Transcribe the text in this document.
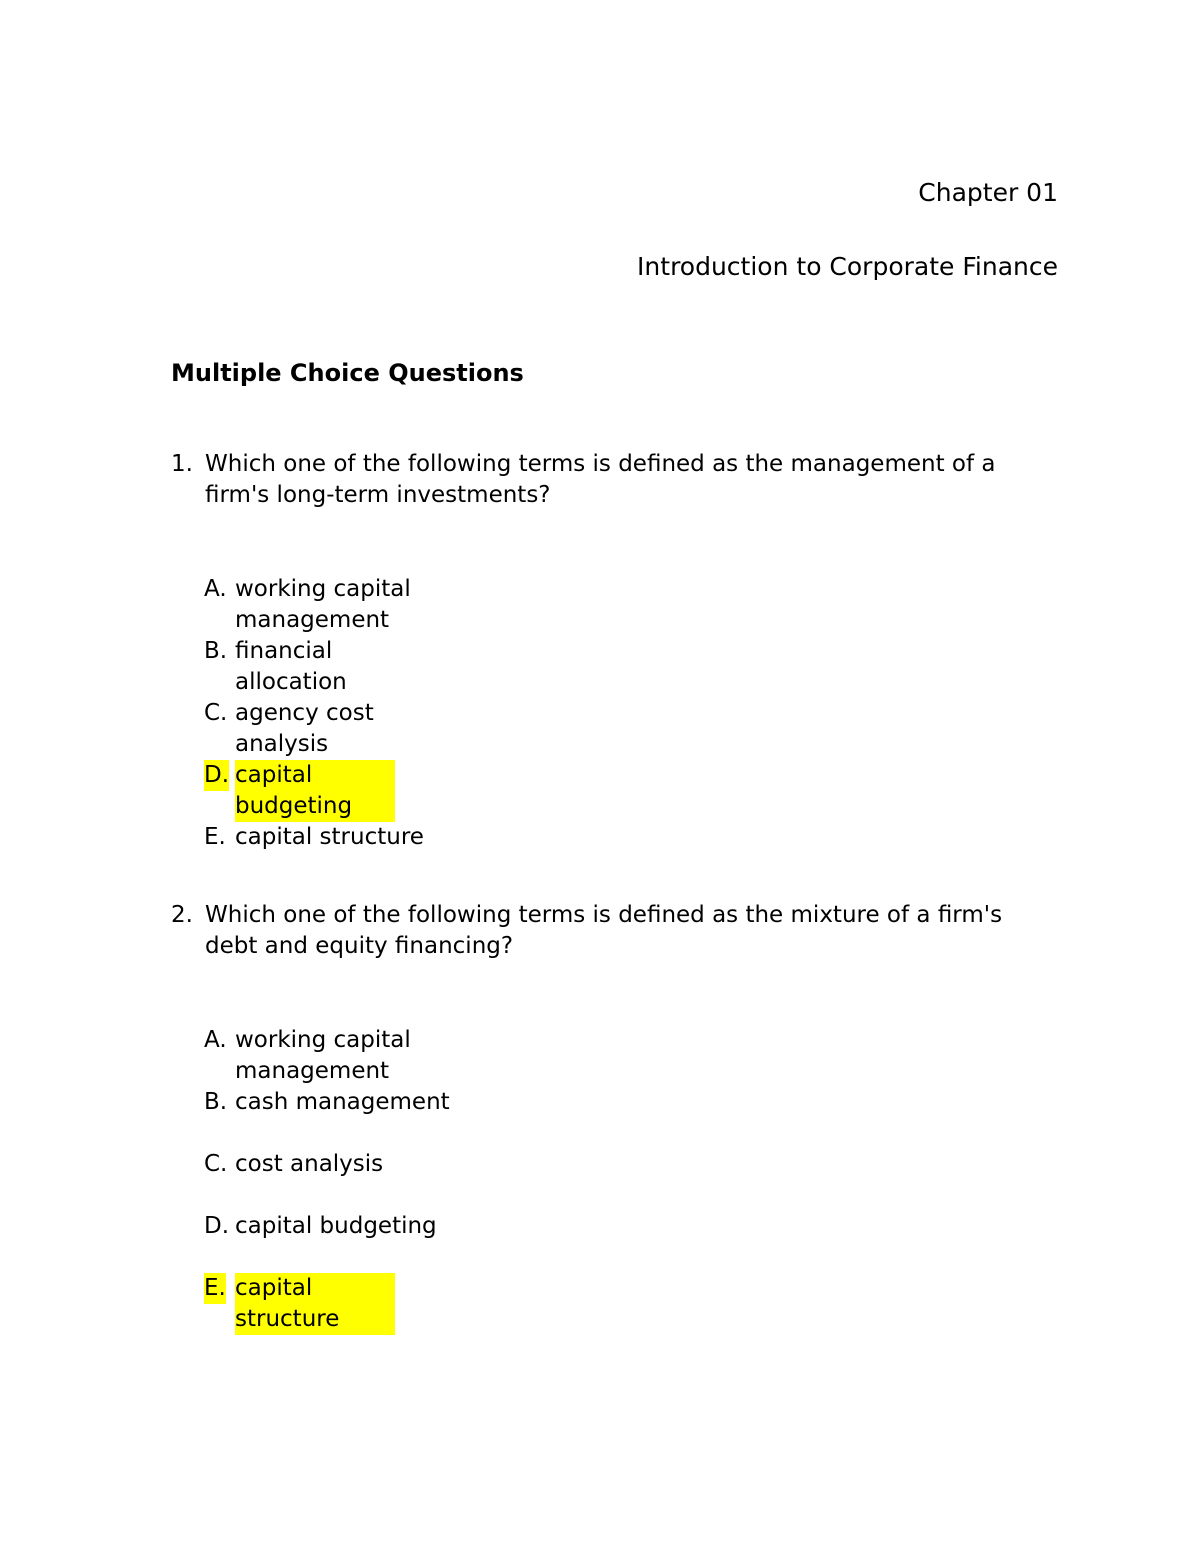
Chapter 01
Introduction to Corporate Finance
Multiple Choice Questions
1. Which one of the following terms is defined as the management of a firm's long-term investments?
A. working capital management
B. financial allocation
C. agency cost analysis
D. capital budgeting
E. capital structure
2. Which one of the following terms is defined as the mixture of a firm's debt and equity financing?
A. working capital management
B. cash management
C. cost analysis
D. capital budgeting
E. capital structure
